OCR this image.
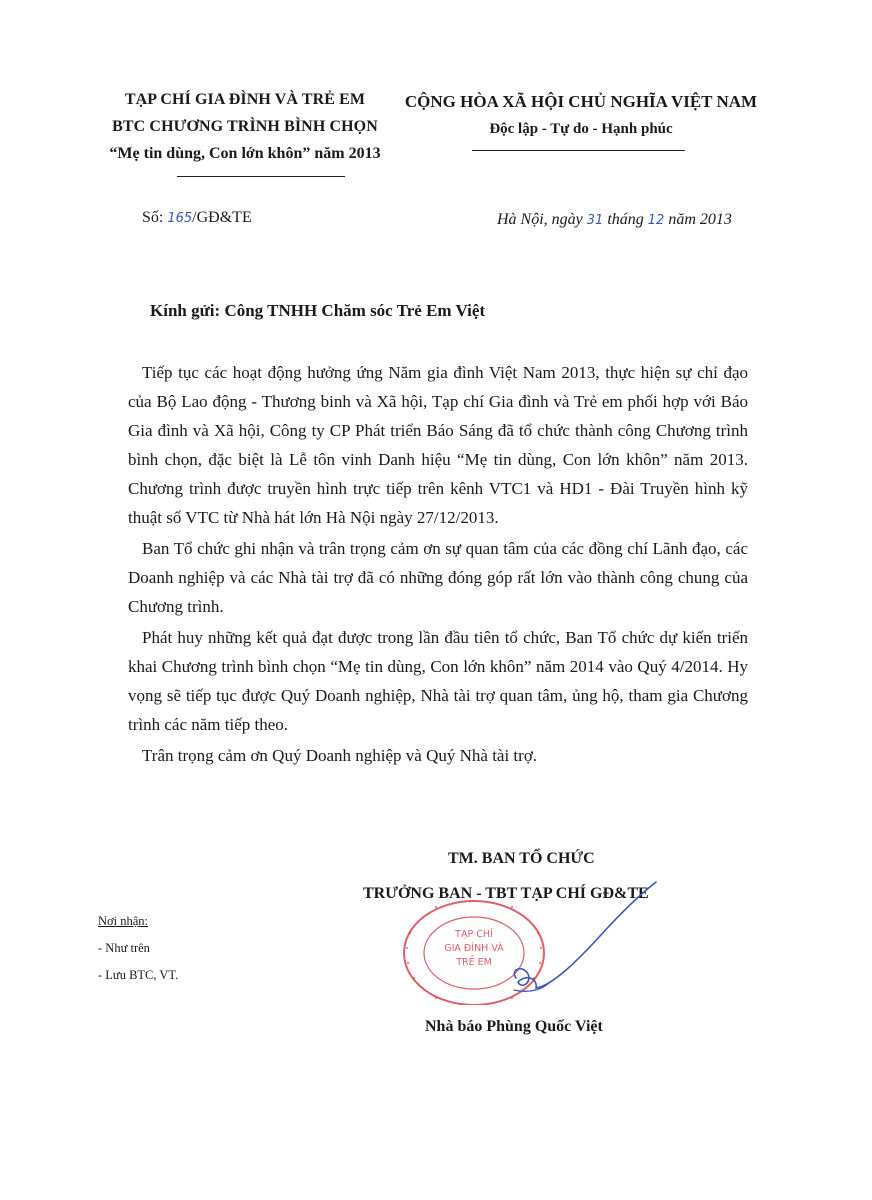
TẠP CHÍ GIA ĐÌNH VÀ TRẺ EM
BTC CHƯƠNG TRÌNH BÌNH CHỌN
“Mẹ tin dùng, Con lớn khôn” năm 2013
CỘNG HÒA XÃ HỘI CHỦ NGHĨA VIỆT NAM
Độc lập - Tự do - Hạnh phúc
Số: 165/GĐ&TE	Hà Nội, ngày 31 tháng 12 năm 2013
Kính gửi: Công TNHH Chăm sóc Trẻ Em Việt

Tiếp tục các hoạt động hưởng ứng Năm gia đình Việt Nam 2013, thực hiện sự chỉ đạo của Bộ Lao động - Thương binh và Xã hội, Tạp chí Gia đình và Trẻ em phối hợp với Báo Gia đình và Xã hội, Công ty CP Phát triển Báo Sáng đã tổ chức thành công Chương trình bình chọn, đặc biệt là Lễ tôn vinh Danh hiệu “Mẹ tin dùng, Con lớn khôn” năm 2013. Chương trình được truyền hình trực tiếp trên kênh VTC1 và HD1 - Đài Truyền hình kỹ thuật số VTC từ Nhà hát lớn Hà Nội ngày 27/12/2013.

Ban Tổ chức ghi nhận và trân trọng cảm ơn sự quan tâm của các đồng chí Lãnh đạo, các Doanh nghiệp và các Nhà tài trợ đã có những đóng góp rất lớn vào thành công chung của Chương trình.

Phát huy những kết quả đạt được trong lần đầu tiên tổ chức, Ban Tổ chức dự kiến triển khai Chương trình bình chọn “Mẹ tin dùng, Con lớn khôn” năm 2014 vào Quý 4/2014. Hy vọng sẽ tiếp tục được Quý Doanh nghiệp, Nhà tài trợ quan tâm, ủng hộ, tham gia Chương trình các năm tiếp theo.

Trân trọng cảm ơn Quý Doanh nghiệp và Quý Nhà tài trợ.

TM. BAN TỔ CHỨC
TRƯỞNG BAN - TBT TẠP CHÍ GĐ&TE
TẠP CHÍ
GIA ĐÌNH VÀ
TRẺ EM
Nhà báo Phùng Quốc Việt
Nơi nhận:
- Như trên
- Lưu BTC, VT.
